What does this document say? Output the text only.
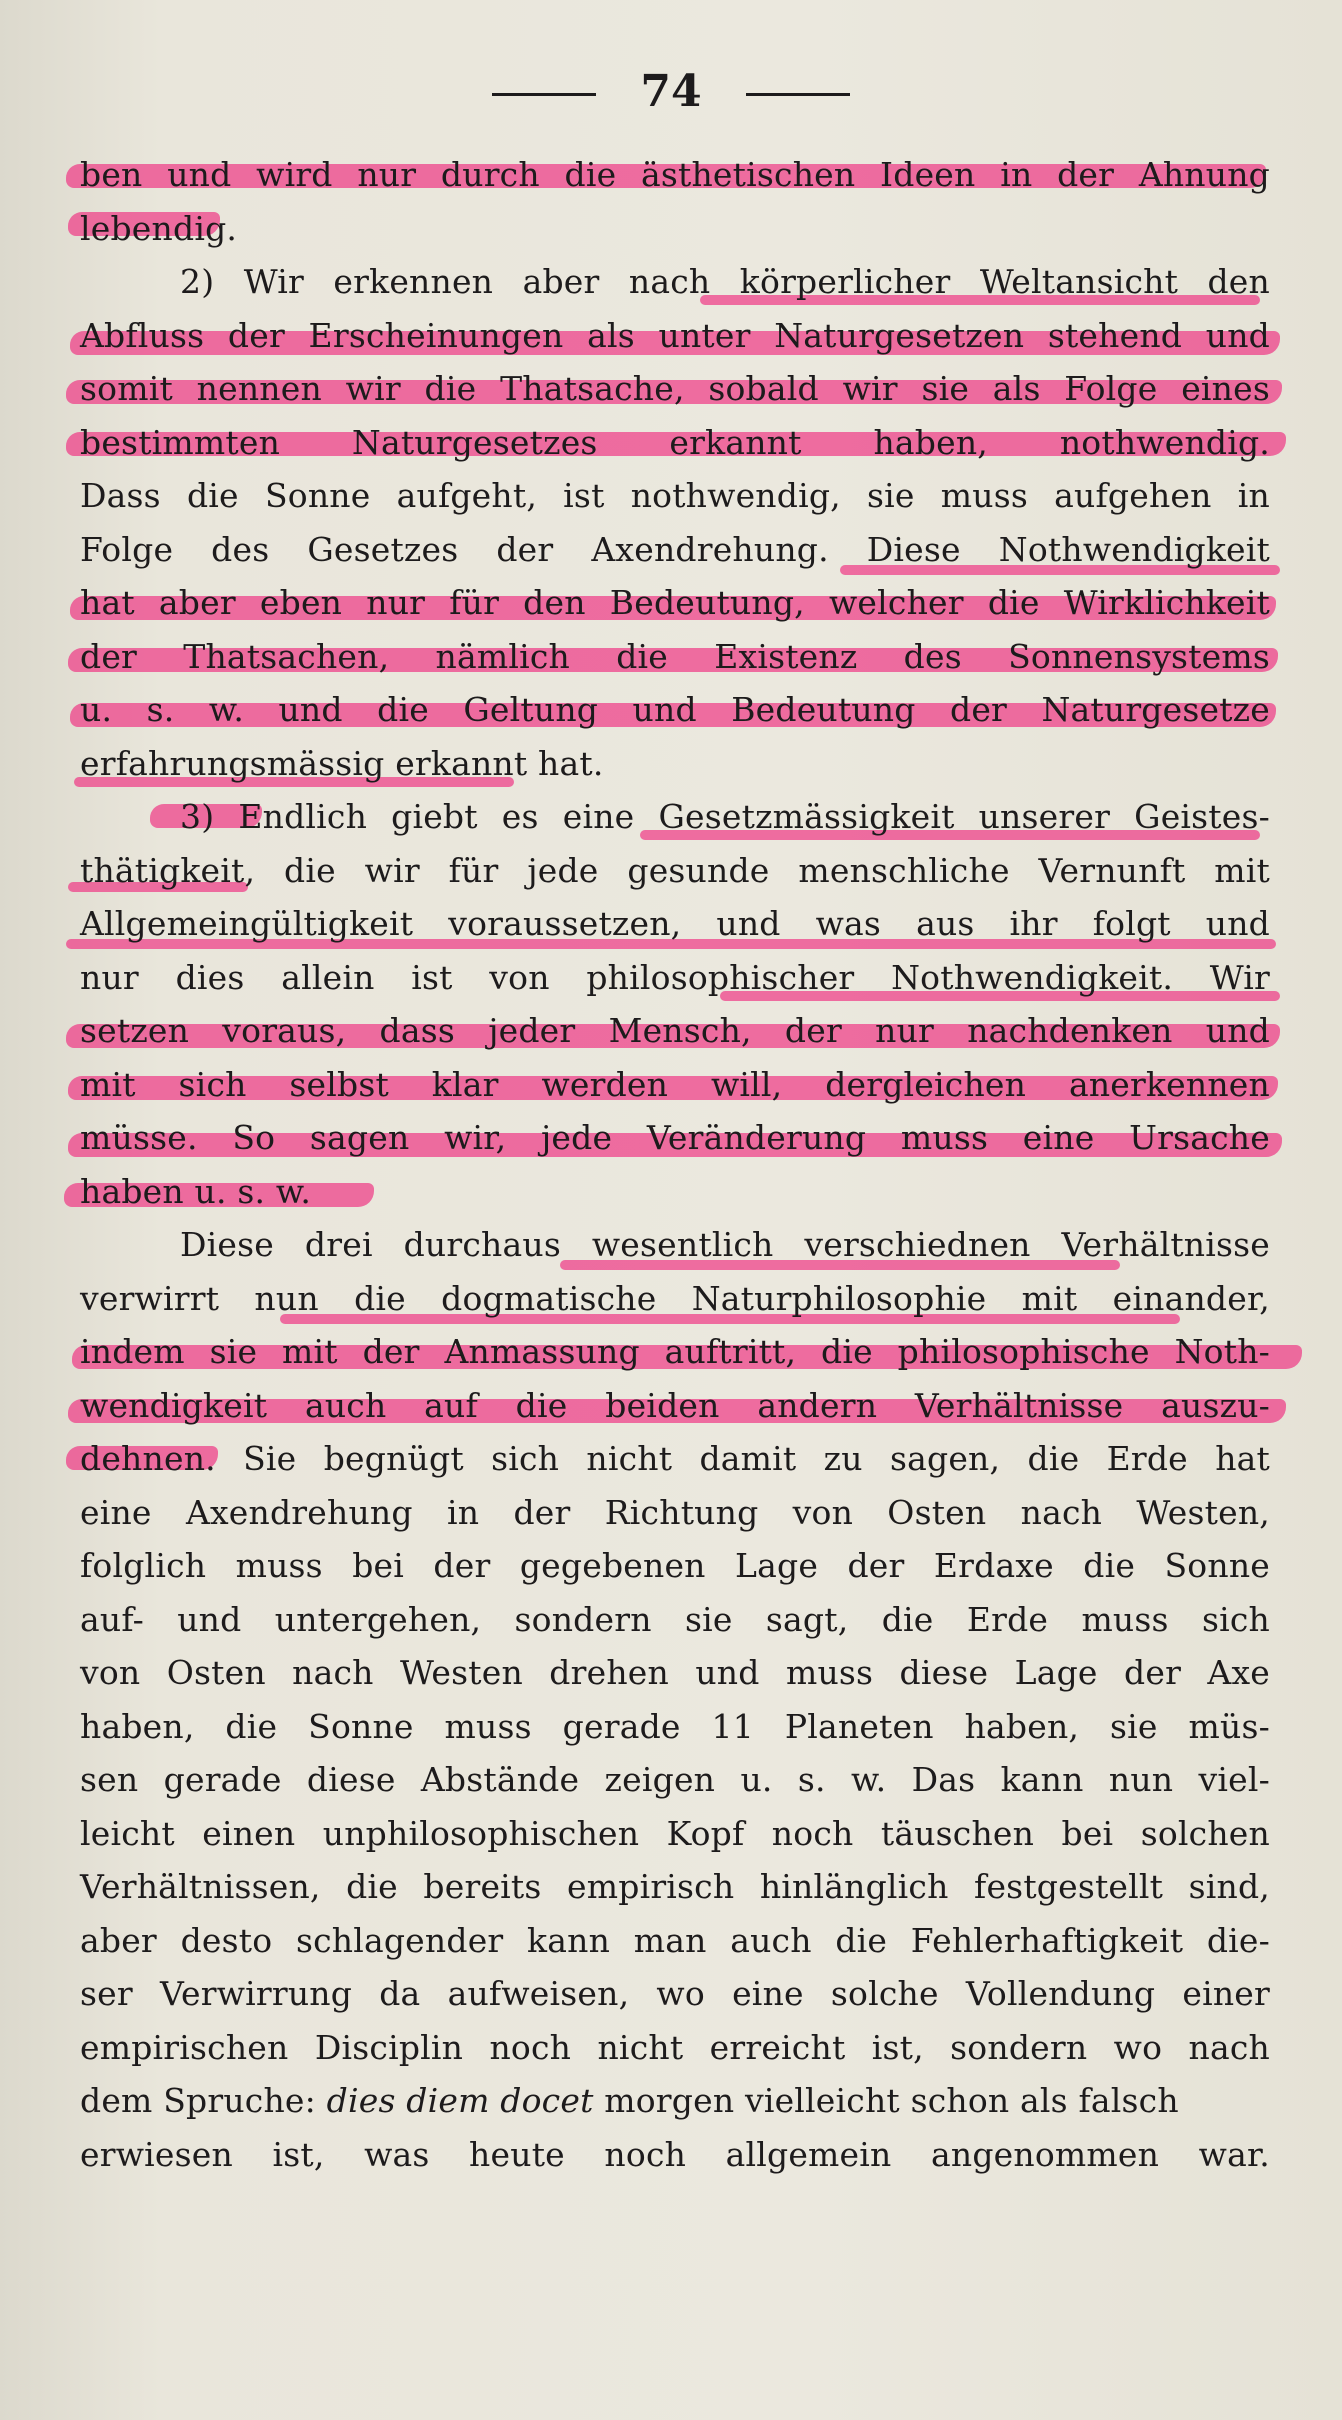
74
ben und wird nur durch die ästhetischen Ideen in der Ahnung
lebendig.
2) Wir erkennen aber nach körperlicher Weltansicht den
Abfluss der Erscheinungen als unter Naturgesetzen stehend und
somit nennen wir die Thatsache, sobald wir sie als Folge eines
bestimmten Naturgesetzes erkannt haben, nothwendig.
Dass die Sonne aufgeht, ist nothwendig, sie muss aufgehen in
Folge des Gesetzes der Axendrehung. Diese Nothwendigkeit
hat aber eben nur für den Bedeutung, welcher die Wirklichkeit
der Thatsachen, nämlich die Existenz des Sonnensystems
u. s. w. und die Geltung und Bedeutung der Naturgesetze
erfahrungsmässig erkannt hat.
3) Endlich giebt es eine Gesetzmässigkeit unserer Geistes-
thätigkeit, die wir für jede gesunde menschliche Vernunft mit
Allgemeingültigkeit voraussetzen, und was aus ihr folgt und
nur dies allein ist von philosophischer Nothwendigkeit. Wir
setzen voraus, dass jeder Mensch, der nur nachdenken und
mit sich selbst klar werden will, dergleichen anerkennen
müsse. So sagen wir, jede Veränderung muss eine Ursache
haben u. s. w.
Diese drei durchaus wesentlich verschiednen Verhältnisse
verwirrt nun die dogmatische Naturphilosophie mit einander,
indem sie mit der Anmassung auftritt, die philosophische Noth-
wendigkeit auch auf die beiden andern Verhältnisse auszu-
dehnen. Sie begnügt sich nicht damit zu sagen, die Erde hat
eine Axendrehung in der Richtung von Osten nach Westen,
folglich muss bei der gegebenen Lage der Erdaxe die Sonne
auf- und untergehen, sondern sie sagt, die Erde muss sich
von Osten nach Westen drehen und muss diese Lage der Axe
haben, die Sonne muss gerade 11 Planeten haben, sie müs-
sen gerade diese Abstände zeigen u. s. w. Das kann nun viel-
leicht einen unphilosophischen Kopf noch täuschen bei solchen
Verhältnissen, die bereits empirisch hinlänglich festgestellt sind,
aber desto schlagender kann man auch die Fehlerhaftigkeit die-
ser Verwirrung da aufweisen, wo eine solche Vollendung einer
empirischen Disciplin noch nicht erreicht ist, sondern wo nach
dem Spruche: dies diem docet morgen vielleicht schon als falsch
erwiesen ist, was heute noch allgemein angenommen war.
